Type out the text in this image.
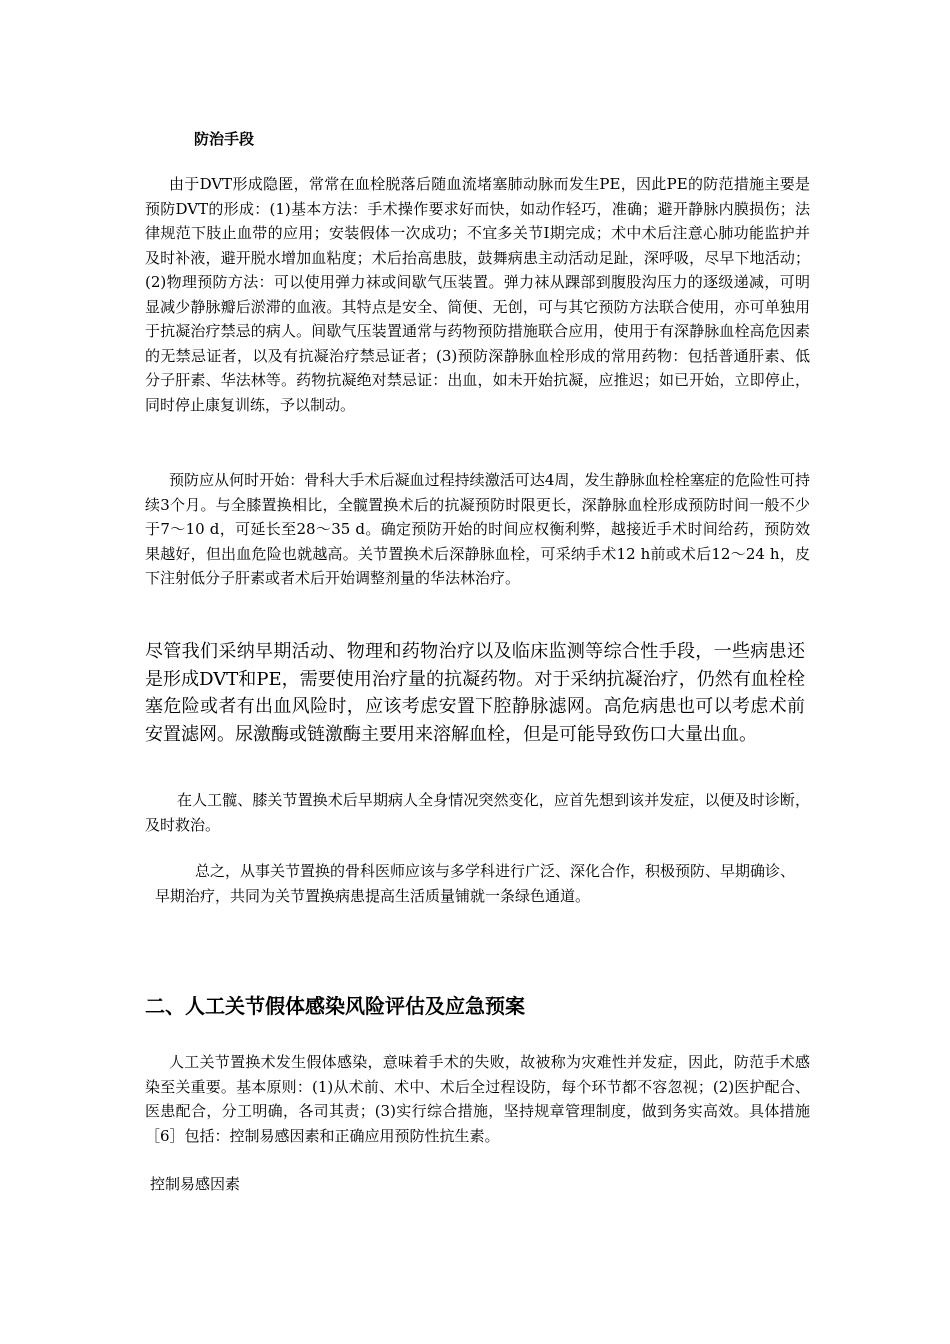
防治手段

由于DVT形成隐匿，常常在血栓脱落后随血流堵塞肺动脉而发生PE，因此PE的防范措施主要是预防DVT的形成：(1)基本方法：手术操作要求好而快，如动作轻巧，准确；避开静脉内膜损伤；法律规范下肢止血带的应用；安装假体一次成功；不宜多关节Ⅰ期完成；术中术后注意心肺功能监护并及时补液，避开脱水增加血粘度；术后抬高患肢，鼓舞病患主动活动足趾，深呼吸，尽早下地活动；(2)物理预防方法：可以使用弹力袜或间歇气压装置。弹力袜从踝部到腹股沟压力的逐级递减，可明显减少静脉瓣后淤滞的血液。其特点是安全、简便、无创，可与其它预防方法联合使用，亦可单独用于抗凝治疗禁忌的病人。间歇气压装置通常与药物预防措施联合应用，使用于有深静脉血栓高危因素的无禁忌证者，以及有抗凝治疗禁忌证者；(3)预防深静脉血栓形成的常用药物：包括普通肝素、低分子肝素、华法林等。药物抗凝绝对禁忌证：出血，如未开始抗凝，应推迟；如已开始，立即停止，同时停止康复训练，予以制动。

预防应从何时开始：骨科大手术后凝血过程持续激活可达4周，发生静脉血栓栓塞症的危险性可持续3个月。与全膝置换相比，全髋置换术后的抗凝预防时限更长，深静脉血栓形成预防时间一般不少于7～10 d，可延长至28～35 d。确定预防开始的时间应权衡利弊，越接近手术时间给药，预防效果越好，但出血危险也就越高。关节置换术后深静脉血栓，可采纳手术12 h前或术后12～24 h，皮下注射低分子肝素或者术后开始调整剂量的华法林治疗。

尽管我们采纳早期活动、物理和药物治疗以及临床监测等综合性手段，一些病患还是形成DVT和PE，需要使用治疗量的抗凝药物。对于采纳抗凝治疗，仍然有血栓栓塞危险或者有出血风险时，应该考虑安置下腔静脉滤网。高危病患也可以考虑术前安置滤网。尿激酶或链激酶主要用来溶解血栓，但是可能导致伤口大量出血。

在人工髋、膝关节置换术后早期病人全身情况突然变化，应首先想到该并发症，以便及时诊断，及时救治。

总之，从事关节置换的骨科医师应该与多学科进行广泛、深化合作，积极预防、早期确诊、早期治疗，共同为关节置换病患提高生活质量铺就一条绿色通道。

二、人工关节假体感染风险评估及应急预案

人工关节置换术发生假体感染，意味着手术的失败，故被称为灾难性并发症，因此，防范手术感染至关重要。基本原则：(1)从术前、术中、术后全过程设防，每个环节都不容忽视；(2)医护配合、医患配合，分工明确，各司其责；(3)实行综合措施，坚持规章管理制度，做到务实高效。具体措施［6］包括：控制易感因素和正确应用预防性抗生素。

控制易感因素
